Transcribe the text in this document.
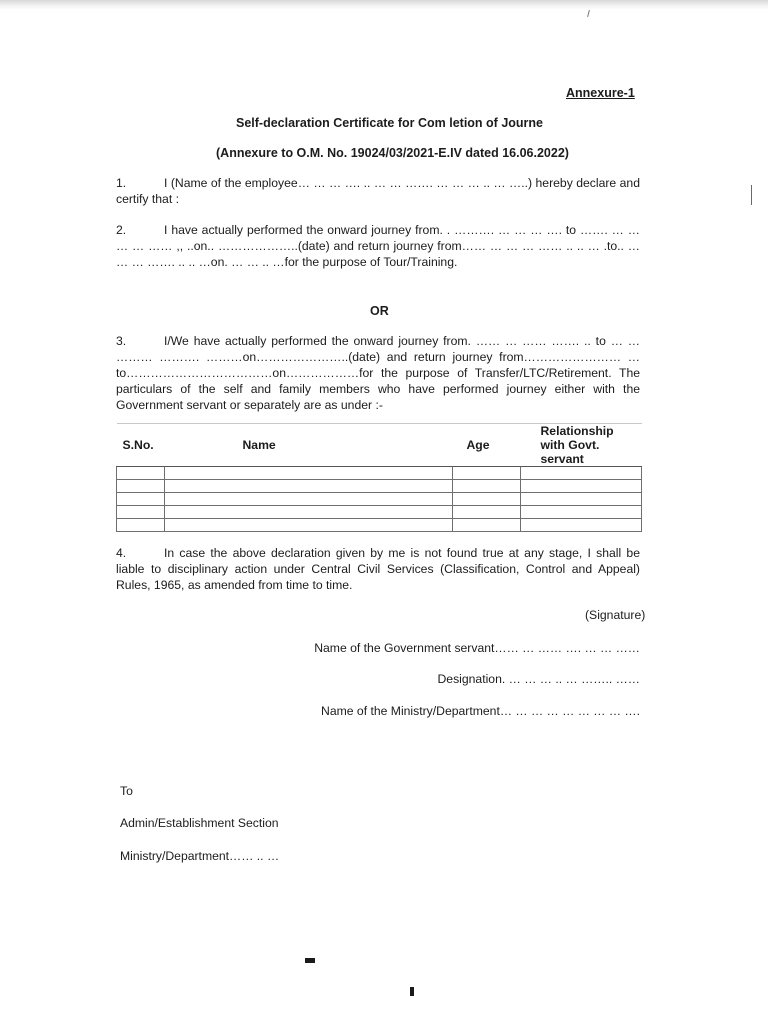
Annexure-1
Self-declaration Certificate for Com letion of Journe
(Annexure to O.M. No. 19024/03/2021-E.IV dated 16.06.2022)
1.	I (Name of the employee… … … …. .. … … ……. … … … .. … …..) hereby declare and certify that :
2.	I have actually performed the onward journey from. . ………. … … … …. to ……. … … … … …… ,, ..on.. ………………..(date) and return journey from…… … … … …… .. .. … .to.. … … … ……. .. .. …on. … … .. …for the purpose of Tour/Training.
OR
3.	I/We have actually performed the onward journey from. …… … …… ……. .. to … … ……… ………. ………on…………………..(date) and return journey from…………………… …to………………………………on………………for the purpose of Transfer/LTC/Retirement. The particulars of the self and family members who have performed journey either with the Government servant or separately are as under :-
S.No.	Name	Age	Relationship with Govt. servant

4.	In case the above declaration given by me is not found true at any stage, I shall be liable to disciplinary action under Central Civil Services (Classification, Control and Appeal) Rules, 1965, as amended from time to time.
(Signature)
Name of the Government servant…… … …… …. … … ……
Designation. … … … .. … …….. ……
Name of the Ministry/Department… … … … … … … … ….
To
Admin/Establishment Section
Ministry/Department…… .. …
